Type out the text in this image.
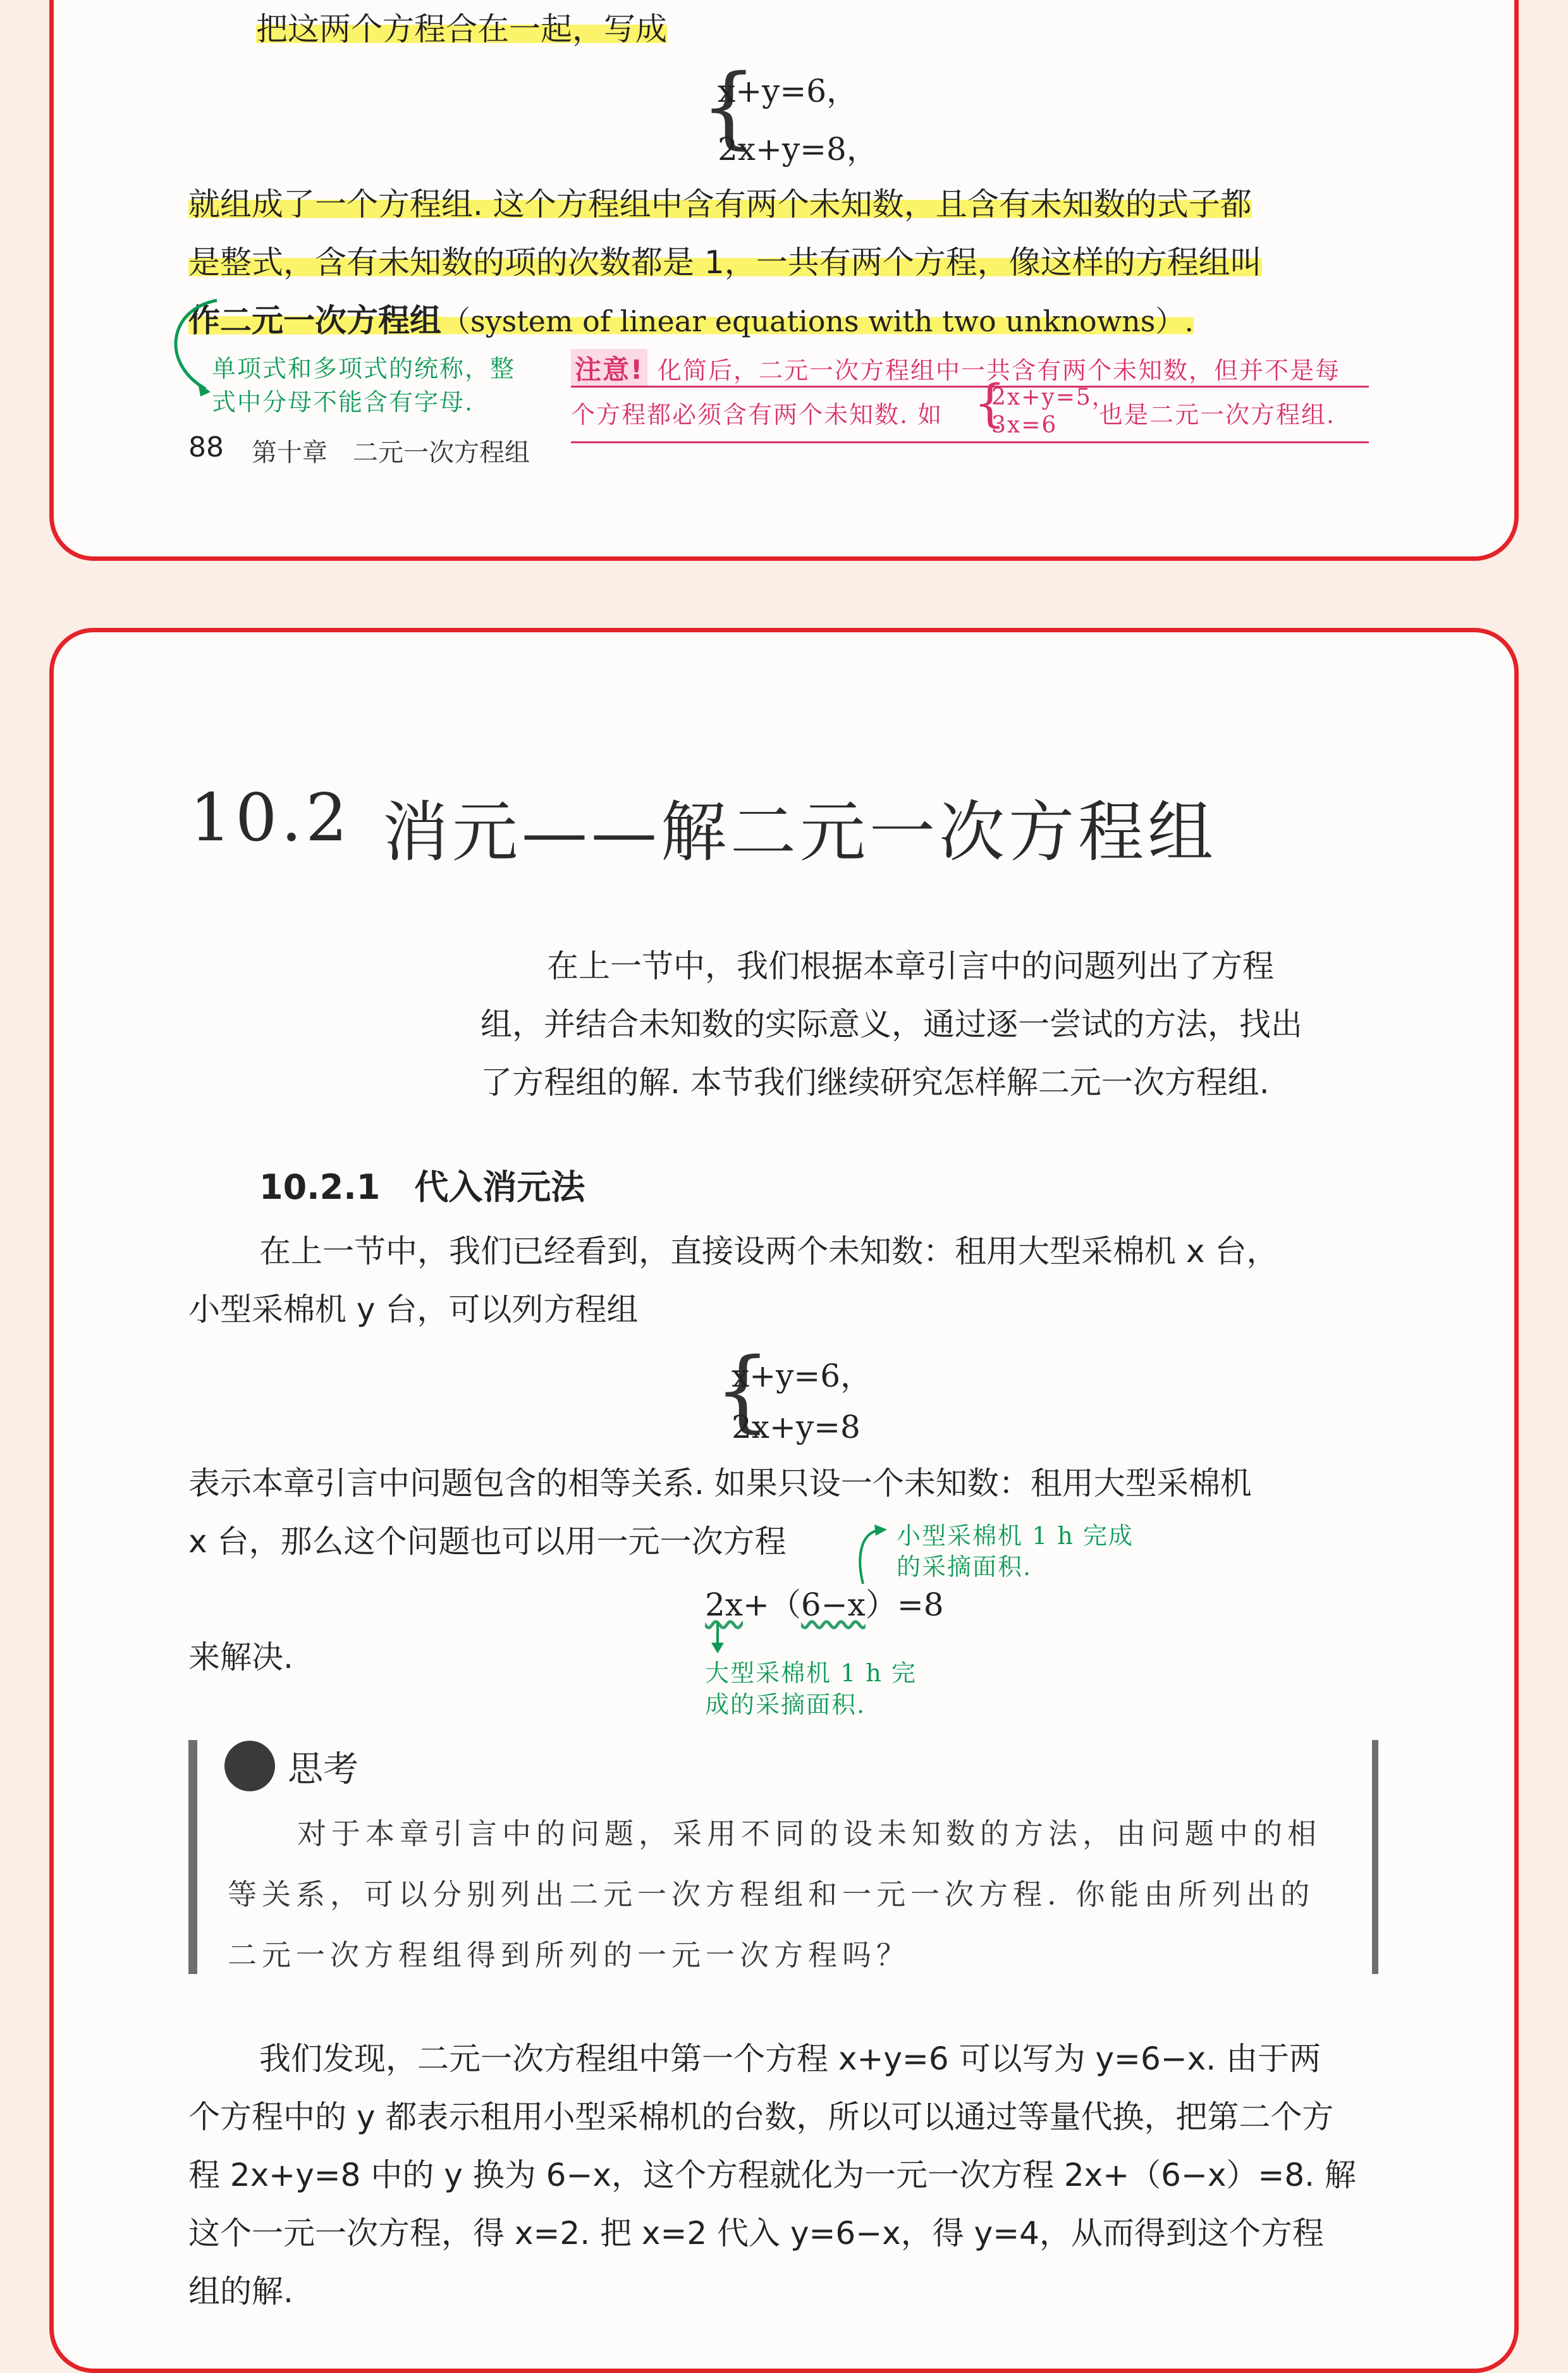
把这两个方程合在一起，写成
{
x+y=6，
2x+y=8，
就组成了一个方程组. 这个方程组中含有两个未知数，且含有未知数的式子都
是整式，含有未知数的项的次数都是 1，一共有两个方程，像这样的方程组叫
作二元一次方程组（system of linear equations with two unknowns）.
单项式和多项式的统称，整
式中分母不能含有字母.
注意! 化简后，二元一次方程组中一共含有两个未知数，但并不是每
个方程都必须含有两个未知数. 如 {
2x+y=5，
3x=6 也是二元一次方程组.
88 第十章　二元一次方程组
10.2 消元——解二元一次方程组
在上一节中，我们根据本章引言中的问题列出了方程
组，并结合未知数的实际意义，通过逐一尝试的方法，找出
了方程组的解. 本节我们继续研究怎样解二元一次方程组.
10.2.1　代入消元法
在上一节中，我们已经看到，直接设两个未知数：租用大型采棉机 x 台，
小型采棉机 y 台，可以列方程组
{
x+y=6，
2x+y=8
表示本章引言中问题包含的相等关系. 如果只设一个未知数：租用大型采棉机
x 台，那么这个问题也可以用一元一次方程	小型采棉机 1 h 完成
的采摘面积.
2x+（6−x）=8
大型采棉机 1 h 完
成的采摘面积.
来解决.
思考
对于本章引言中的问题，采用不同的设未知数的方法，由问题中的相
等关系，可以分别列出二元一次方程组和一元一次方程. 你能由所列出的
二元一次方程组得到所列的一元一次方程吗？
我们发现，二元一次方程组中第一个方程 x+y=6 可以写为 y=6−x. 由于两
个方程中的 y 都表示租用小型采棉机的台数，所以可以通过等量代换，把第二个方
程 2x+y=8 中的 y 换为 6−x，这个方程就化为一元一次方程 2x+（6−x）=8. 解
这个一元一次方程，得 x=2. 把 x=2 代入 y=6−x，得 y=4，从而得到这个方程
组的解.
